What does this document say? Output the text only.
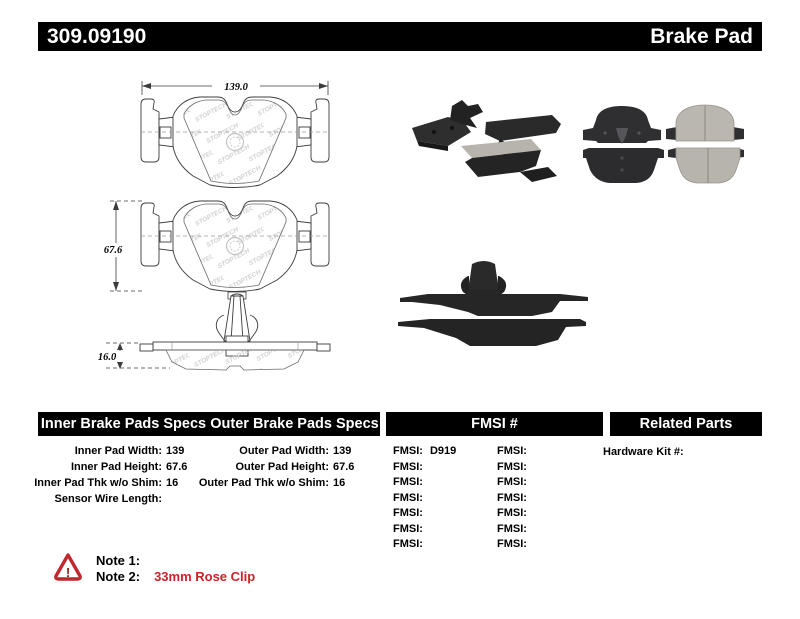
139.0
67.6
16.0
!
309.09190	Brake Pad
Inner Brake Pads Specs Outer Brake Pads Specs	FMSI #	Related Parts
Inner Pad Width: 139
Inner Pad Height: 67.6
Inner Pad Thk w/o Shim: 16
Sensor Wire Length:
Outer Pad Width: 139
Outer Pad Height: 67.6
Outer Pad Thk w/o Shim: 16
FMSI: D919
FMSI:
FMSI:
FMSI:
FMSI:
FMSI:
FMSI:
FMSI:
FMSI:
FMSI:
FMSI:
FMSI:
FMSI:
FMSI:
Hardware Kit #:
Note 1:
Note 2: 33mm Rose Clip
